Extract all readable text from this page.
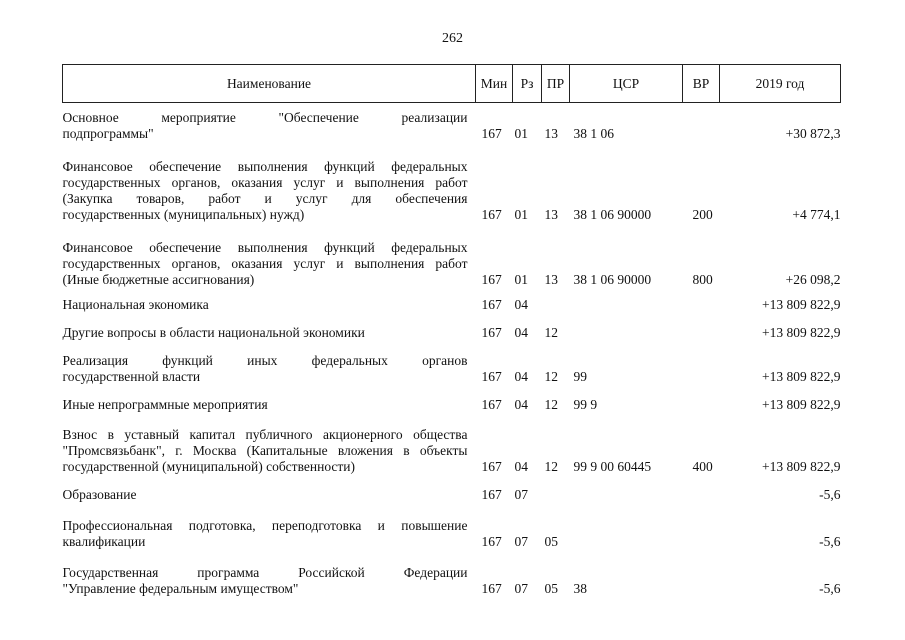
262
Наименование	Мин	Рз	ПР	ЦСР	ВР	2019 год

Основное мероприятие "Обеспечение реализации
подпрограммы"	167	01	13	38 1 06		+30 872,3

Финансовое обеспечение выполнения функций федеральных
государственных органов, оказания услуг и выполнения работ
(Закупка товаров, работ и услуг для обеспечения
государственных (муниципальных) нужд)	167	01	13	38 1 06 90000	200	+4 774,1

Финансовое обеспечение выполнения функций федеральных
государственных органов, оказания услуг и выполнения работ
(Иные бюджетные ассигнования)	167	01	13	38 1 06 90000	800	+26 098,2

Национальная экономика	167	04				+13 809 822,9

Другие вопросы в области национальной экономики	167	04	12			+13 809 822,9

Реализация функций иных федеральных органов
государственной власти	167	04	12	99		+13 809 822,9

Иные непрограммные мероприятия	167	04	12	99 9		+13 809 822,9

Взнос в уставный капитал публичного акционерного общества
"Промсвязьбанк", г. Москва (Капитальные вложения в объекты
государственной (муниципальной) собственности)	167	04	12	99 9 00 60445	400	+13 809 822,9

Образование	167	07				-5,6

Профессиональная подготовка, переподготовка и повышение
квалификации	167	07	05			-5,6

Государственная программа Российской Федерации
"Управление федеральным имуществом"	167	07	05	38		-5,6
